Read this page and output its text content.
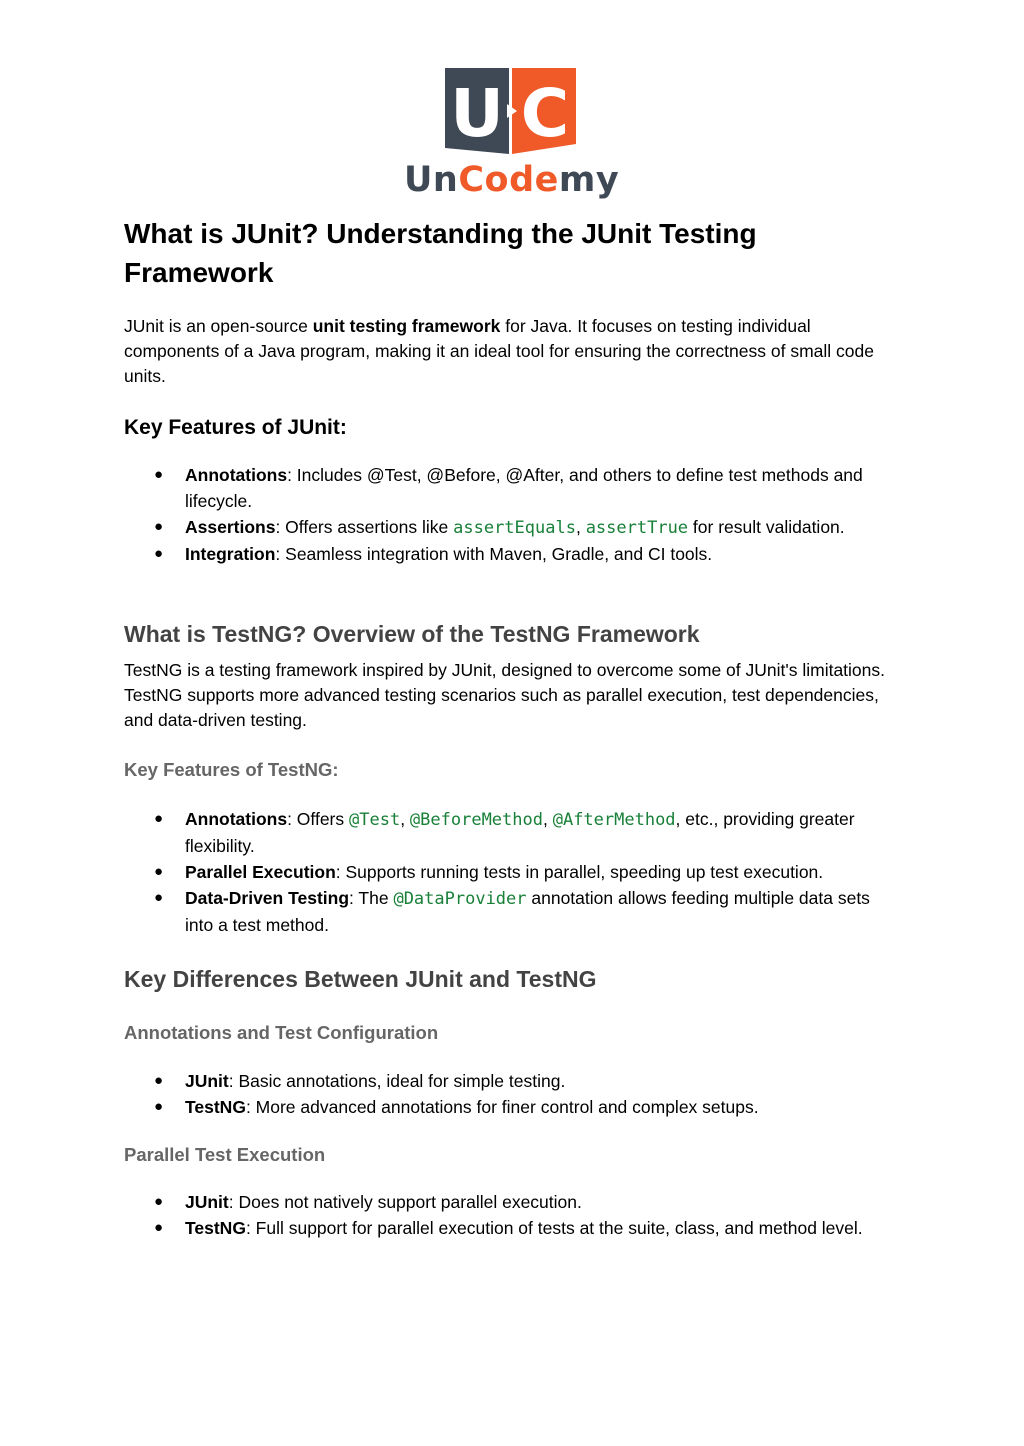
U C
UnCodemy
What is JUnit? Understanding the JUnit Testing Framework

JUnit is an open-source unit testing framework for Java. It focuses on testing individual components of a Java program, making it an ideal tool for ensuring the correctness of small code units.

Key Features of JUnit:
● Annotations: Includes @Test, @Before, @After, and others to define test methods and lifecycle.
● Assertions: Offers assertions like assertEquals, assertTrue for result validation.
● Integration: Seamless integration with Maven, Gradle, and CI tools.
What is TestNG? Overview of the TestNG Framework

TestNG is a testing framework inspired by JUnit, designed to overcome some of JUnit's limitations. TestNG supports more advanced testing scenarios such as parallel execution, test dependencies, and data-driven testing.

Key Features of TestNG:
● Annotations: Offers @Test, @BeforeMethod, @AfterMethod, etc., providing greater flexibility.
● Parallel Execution: Supports running tests in parallel, speeding up test execution.
● Data-Driven Testing: The @DataProvider annotation allows feeding multiple data sets into a test method.
Key Differences Between JUnit and TestNG
Annotations and Test Configuration
● JUnit: Basic annotations, ideal for simple testing.
● TestNG: More advanced annotations for finer control and complex setups.
Parallel Test Execution
● JUnit: Does not natively support parallel execution.
● TestNG: Full support for parallel execution of tests at the suite, class, and method level.
